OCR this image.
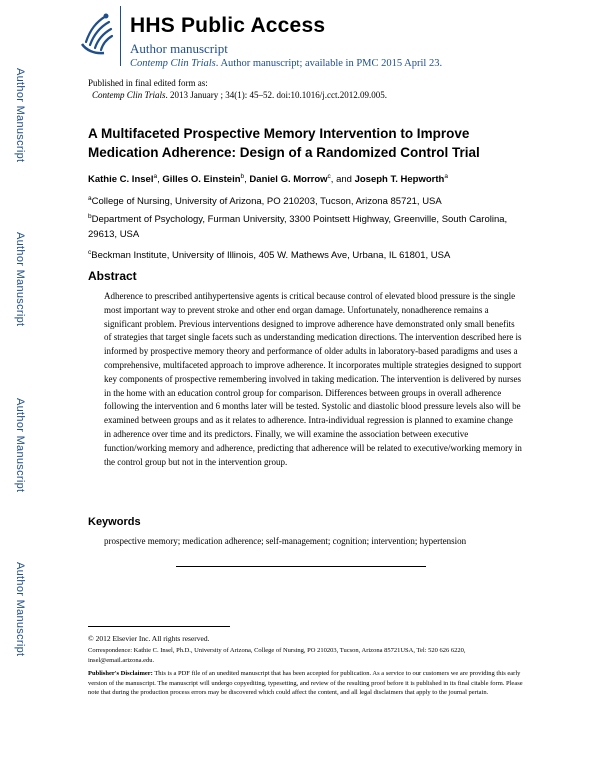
HHS Public Access
Author manuscript
Contemp Clin Trials. Author manuscript; available in PMC 2015 April 23.
Author Manuscript
Author Manuscript
Author Manuscript
Author Manuscript
Published in final edited form as:
Contemp Clin Trials. 2013 January ; 34(1): 45–52. doi:10.1016/j.cct.2012.09.005.
A Multifaceted Prospective Memory Intervention to Improve Medication Adherence: Design of a Randomized Control Trial
Kathie C. Insel$^a$, Gilles O. Einstein$^b$, Daniel G. Morrow$^c$, and Joseph T. Hepworth$^a$
$^a$College of Nursing, University of Arizona, PO 210203, Tucson, Arizona 85721, USA
$^b$Department of Psychology, Furman University, 3300 Pointsett Highway, Greenville, South Carolina, 29613, USA
$^c$Beckman Institute, University of Illinois, 405 W. Mathews Ave, Urbana, IL 61801, USA
Abstract
Adherence to prescribed antihypertensive agents is critical because control of elevated blood pressure is the single most important way to prevent stroke and other end organ damage. Unfortunately, nonadherence remains a significant problem. Previous interventions designed to improve adherence have demonstrated only small benefits of strategies that target single facets such as understanding medication directions. The intervention described here is informed by prospective memory theory and performance of older adults in laboratory-based paradigms and uses a comprehensive, multifaceted approach to improve adherence. It incorporates multiple strategies designed to support key components of prospective remembering involved in taking medication. The intervention is delivered by nurses in the home with an education control group for comparison. Differences between groups in overall adherence following the intervention and 6 months later will be tested. Systolic and diastolic blood pressure levels also will be examined between groups and as it relates to adherence. Intra-individual regression is planned to examine change in adherence over time and its predictors. Finally, we will examine the association between executive function/working memory and adherence, predicting that adherence will be related to executive/working memory in the control group but not in the intervention group.
Keywords
prospective memory; medication adherence; self-management; cognition; intervention; hypertension
© 2012 Elsevier Inc. All rights reserved.
Correspondence: Kathie C. Insel, Ph.D., University of Arizona, College of Nursing, PO 210203, Tucson, Arizona 85721USA, Tel: 520 626 6220, insel@email.arizona.edu.
Publisher's Disclaimer: This is a PDF file of an unedited manuscript that has been accepted for publication. As a service to our customers we are providing this early version of the manuscript. The manuscript will undergo copyediting, typesetting, and review of the resulting proof before it is published in its final citable form. Please note that during the production process errors may be discovered which could affect the content, and all legal disclaimers that apply to the journal pertain.
